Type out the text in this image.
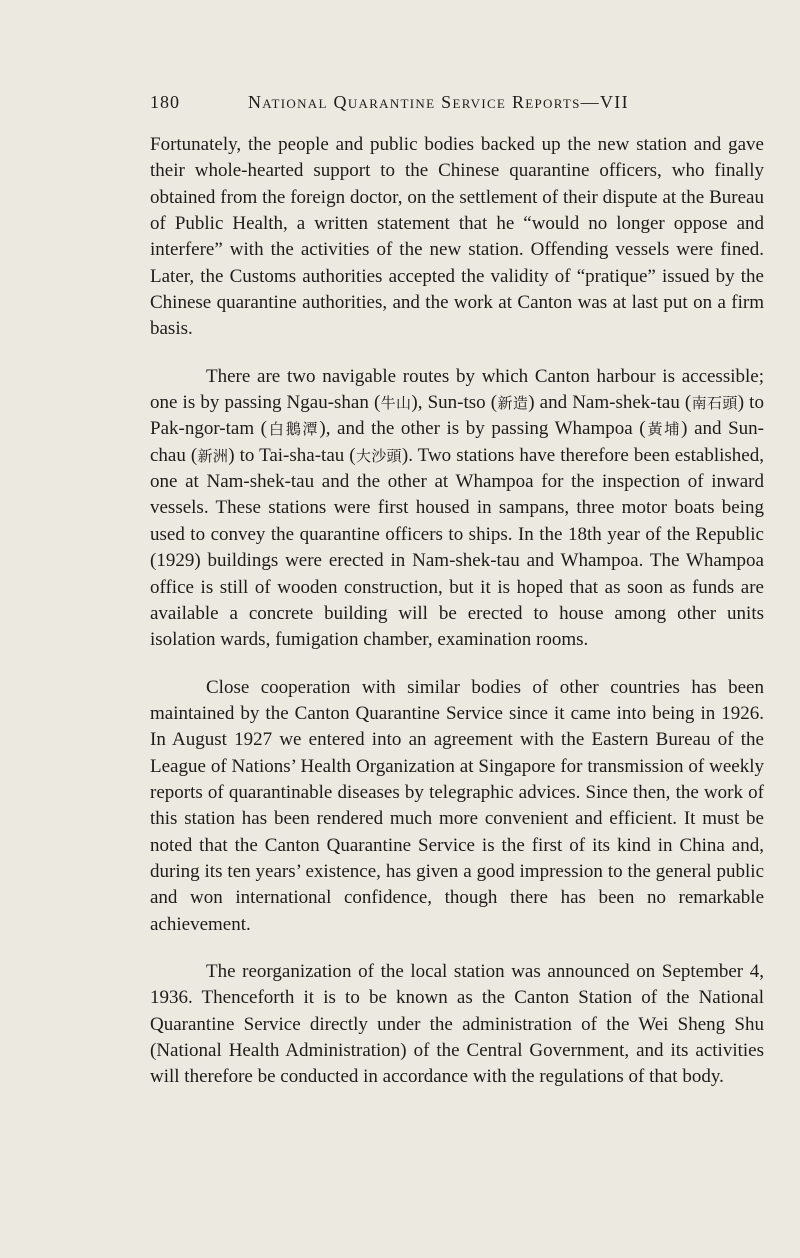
180	National Quarantine Service Reports—VII

Fortunately, the people and public bodies backed up the new station and gave their whole-hearted support to the Chinese quarantine officers, who finally obtained from the foreign doctor, on the settlement of their dispute at the Bureau of Public Health, a written statement that he “would no longer oppose and interfere” with the activities of the new station. Offending vessels were fined. Later, the Customs authorities accepted the validity of “pratique” issued by the Chinese quarantine authorities, and the work at Canton was at last put on a firm basis.

There are two navigable routes by which Canton harbour is accessible; one is by passing Ngau-shan (牛山), Sun-tso (新造) and Nam-shek-tau (南石頭) to Pak-ngor-tam (白鵝潭), and the other is by passing Whampoa (黃埔) and Sun-chau (新洲) to Tai-sha-tau (大沙頭). Two stations have therefore been established, one at Nam-shek-tau and the other at Whampoa for the inspection of inward vessels. These stations were first housed in sampans, three motor boats being used to convey the quarantine officers to ships. In the 18th year of the Republic (1929) buildings were erected in Nam-shek-tau and Whampoa. The Whampoa office is still of wooden construction, but it is hoped that as soon as funds are available a concrete building will be erected to house among other units isolation wards, fumigation chamber, examination rooms.

Close cooperation with similar bodies of other countries has been maintained by the Canton Quarantine Service since it came into being in 1926. In August 1927 we entered into an agreement with the Eastern Bureau of the League of Nations’ Health Organization at Singapore for transmission of weekly reports of quarantinable diseases by telegraphic advices. Since then, the work of this station has been rendered much more convenient and efficient. It must be noted that the Canton Quarantine Service is the first of its kind in China and, during its ten years’ existence, has given a good impression to the general public and won international confidence, though there has been no remarkable achievement.

The reorganization of the local station was announced on September 4, 1936. Thenceforth it is to be known as the Canton Station of the National Quarantine Service directly under the administration of the Wei Sheng Shu (National Health Administration) of the Central Government, and its activities will therefore be conducted in accordance with the regulations of that body.
